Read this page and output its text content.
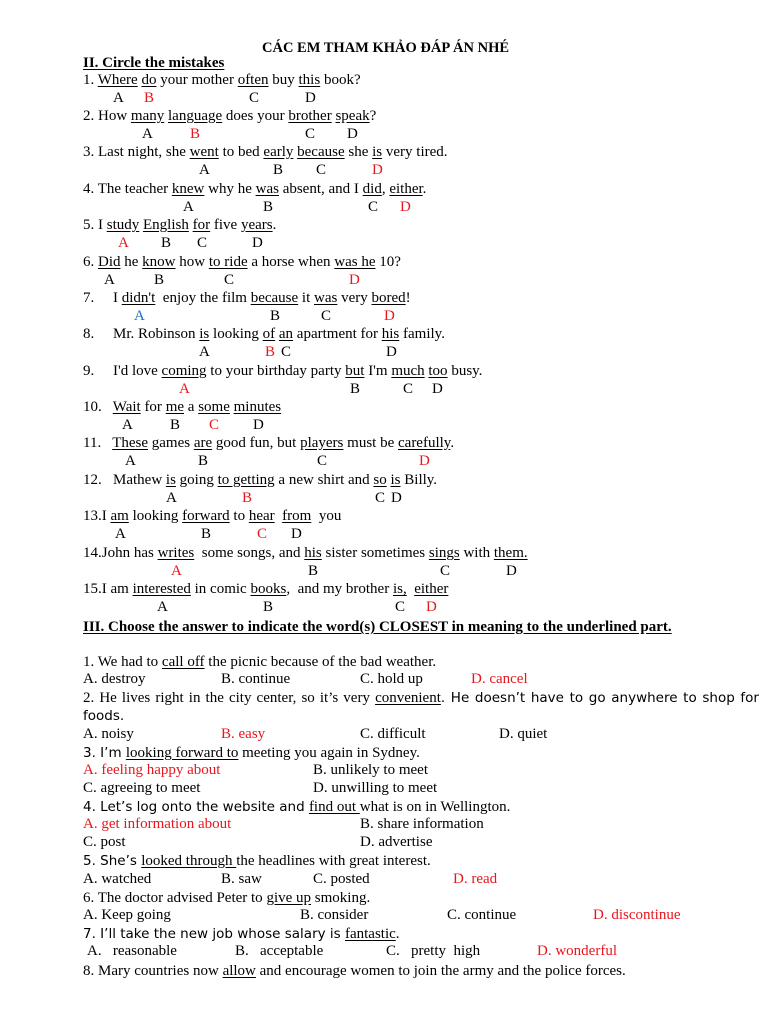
CÁC EM THAM KHẢO ĐÁP ÁN NHÉ
II. Circle the mistakes
1. Where do your mother often buy this book?
A B	C	D
2. How many language does your brother speak?
A B	C D
3. Last night, she went to bed early because she is very tired.
A	B C	D
4. The teacher knew why he was absent, and I did, either.
A	B	C D
5. I study English for five years.
A B C	D
6. Did he know how to ride a horse when was he 10?
A	B	C	D
7.     I didn't  enjoy the film because it was very bored!
A	B	C	D
8.     Mr. Robinson is looking of an apartment for his family.
A	B C	D
9.     I'd love coming to your birthday party but I'm much too busy.
A	B	C D
10.   Wait for me a some minutes
A B C D
11.   These games are good fun, but players must be carefully.
A	B	C	D
12.   Mathew is going to getting a new shirt and so is Billy.
A	B	C D
13.I am looking forward to hear from  you
A	B	C D
14.John has writes  some songs, and his sister sometimes sings with them.
A	B	C	D
15.I am interested in comic books,  and my brother is, either
A	B	C D
III. Choose the answer to indicate the word(s) CLOSEST in meaning to the underlined part.
1. We had to call off the picnic because of the bad weather.
A. destroy	B. continue	C. hold up	D. cancel
2. He lives right in the city center, so it’s very convenient. He doesn’t have to go anywhere to shop for foods.
A. noisy	B. easy	C. difficult	D. quiet
3. I’m looking forward to meeting you again in Sydney.
A. feeling happy about	B. unlikely to meet
C. agreeing to meet	D. unwilling to meet
4. Let’s log onto the website and find out what is on in Wellington.
A. get information about	B. share information
C. post	D. advertise
5. She’s looked through the headlines with great interest.
A. watched	B. saw	C. posted	D. read
6. The doctor advised Peter to give up smoking.
A. Keep going	B. consider	C. continue	D. discontinue
7. I’ll take the new job whose salary is fantastic.
A.   reasonable	B.   acceptable	C.   pretty  high	D. wonderful
8. Mary countries now allow and encourage women to join the army and the police forces.
